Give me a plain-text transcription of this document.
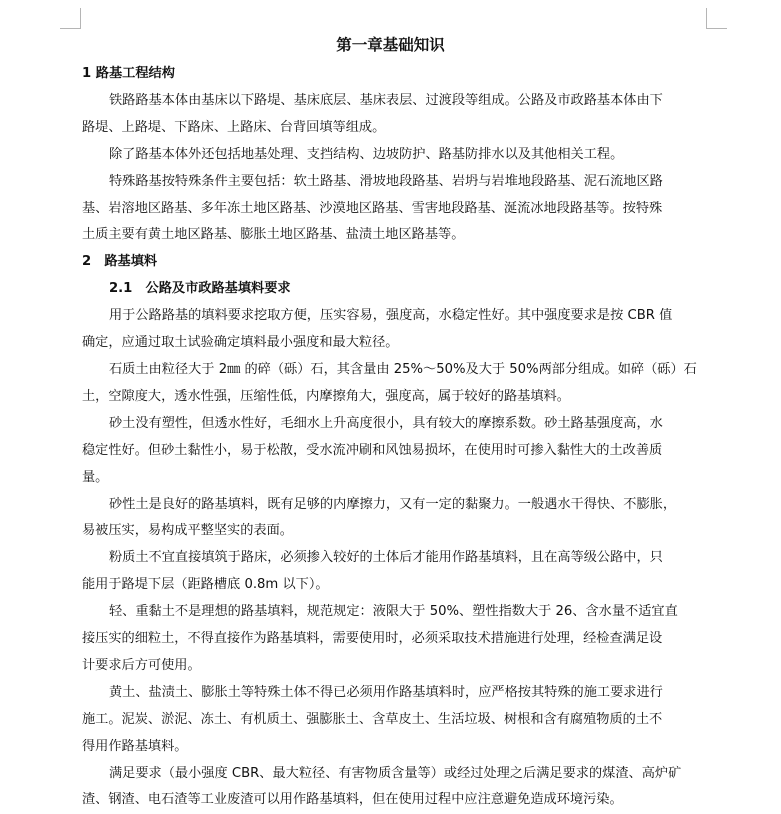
第一章基础知识

1 路基工程结构

铁路路基本体由基床以下路堤、基床底层、基床表层、过渡段等组成。公路及市政路基本体由下

路堤、上路堤、下路床、上路床、台背回填等组成。

除了路基本体外还包括地基处理、支挡结构、边坡防护、路基防排水以及其他相关工程。

特殊路基按特殊条件主要包括：软土路基、滑坡地段路基、岩坍与岩堆地段路基、泥石流地区路

基、岩溶地区路基、多年冻土地区路基、沙漠地区路基、雪害地段路基、涎流冰地段路基等。按特殊

土质主要有黄土地区路基、膨胀土地区路基、盐渍土地区路基等。

2　路基填料

2.1　公路及市政路基填料要求

用于公路路基的填料要求挖取方便，压实容易，强度高，水稳定性好。其中强度要求是按 CBR 值

确定，应通过取土试验确定填料最小强度和最大粒径。

石质土由粒径大于 2㎜ 的碎（砾）石，其含量由 25%～50%及大于 50%两部分组成。如碎（砾）石

土，空隙度大，透水性强，压缩性低，内摩擦角大，强度高，属于较好的路基填料。

砂土没有塑性，但透水性好，毛细水上升高度很小，具有较大的摩擦系数。砂土路基强度高，水

稳定性好。但砂土黏性小，易于松散，受水流冲刷和风蚀易损坏，在使用时可掺入黏性大的土改善质

量。

砂性土是良好的路基填料，既有足够的内摩擦力，又有一定的黏聚力。一般遇水干得快、不膨胀，

易被压实，易构成平整坚实的表面。

粉质土不宜直接填筑于路床，必须掺入较好的土体后才能用作路基填料，且在高等级公路中，只

能用于路堤下层（距路槽底 0.8m 以下）。

轻、重黏土不是理想的路基填料，规范规定：液限大于 50%、塑性指数大于 26、含水量不适宜直

接压实的细粒土，不得直接作为路基填料，需要使用时，必须采取技术措施进行处理，经检查满足设

计要求后方可使用。

黄土、盐渍土、膨胀土等特殊土体不得已必须用作路基填料时，应严格按其特殊的施工要求进行

施工。泥炭、淤泥、冻土、有机质土、强膨胀土、含草皮土、生活垃圾、树根和含有腐殖物质的土不

得用作路基填料。

满足要求（最小强度 CBR、最大粒径、有害物质含量等）或经过处理之后满足要求的煤渣、高炉矿

渣、钢渣、电石渣等工业废渣可以用作路基填料，但在使用过程中应注意避免造成环境污染。
